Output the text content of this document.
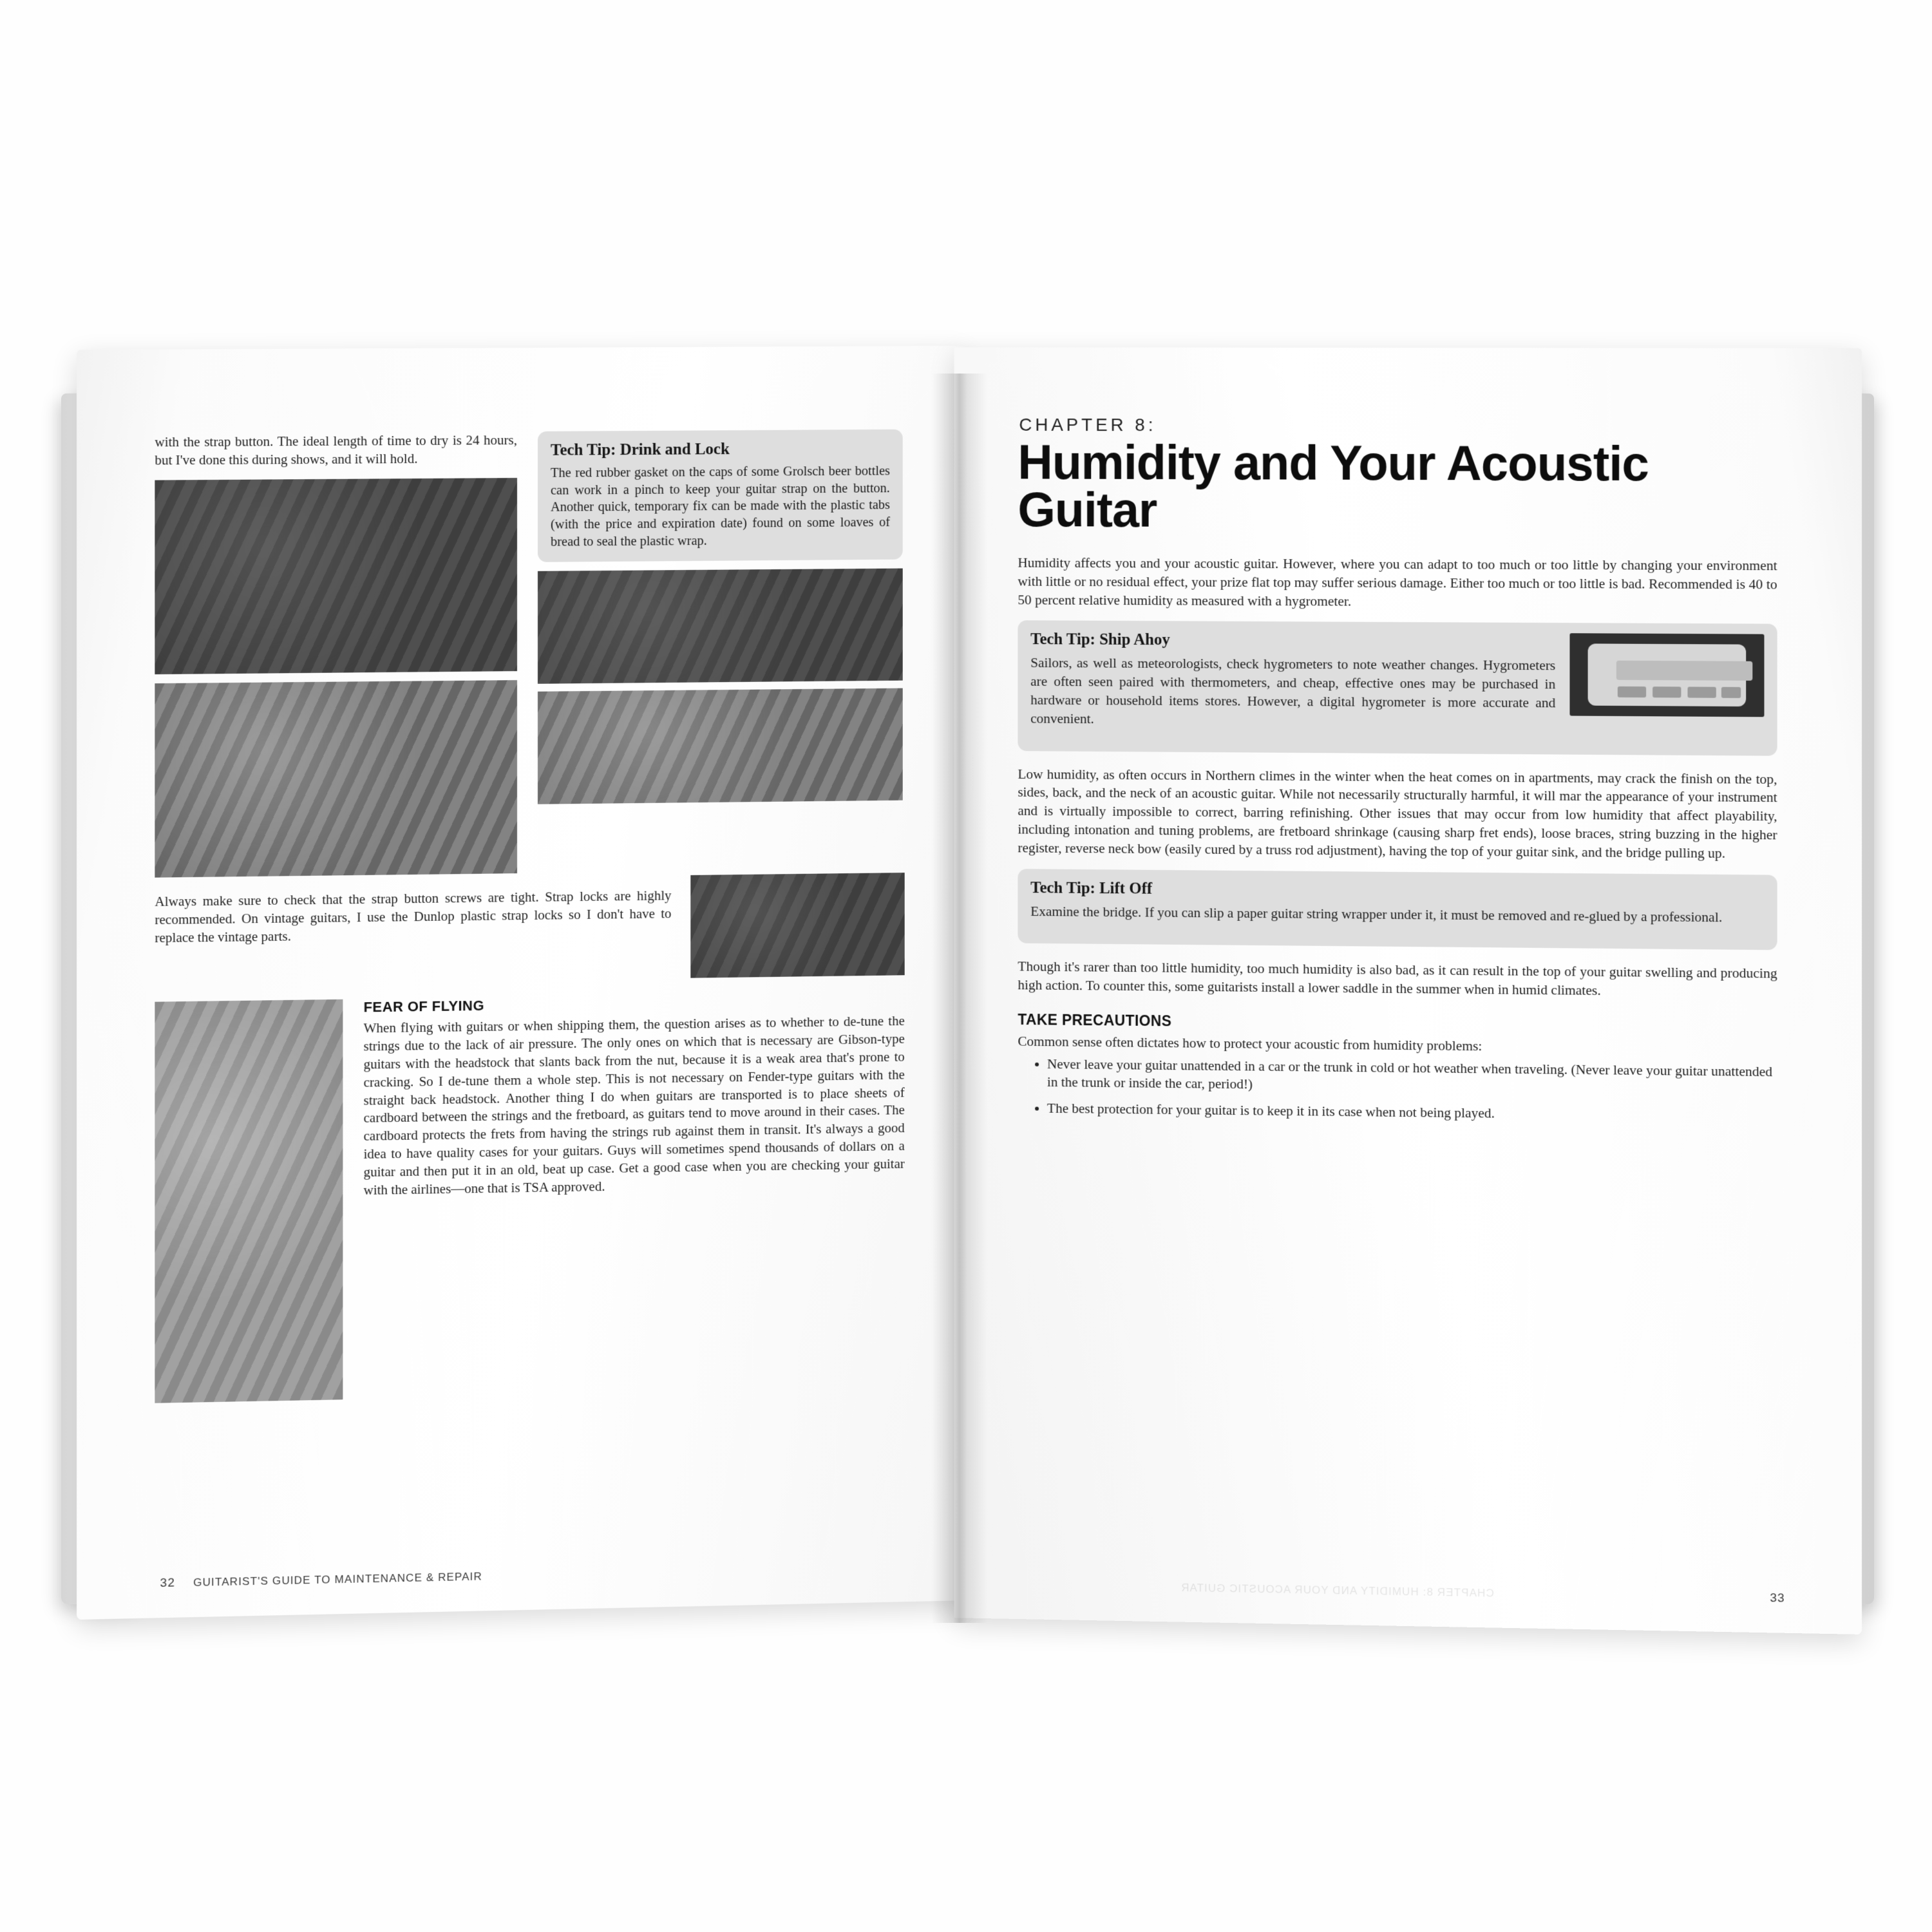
with the strap button. The ideal length of time to dry is 24 hours, but I've done this during shows, and it will hold.

Tech Tip: Drink and Lock

The red rubber gasket on the caps of some Grolsch beer bottles can work in a pinch to keep your guitar strap on the button. Another quick, temporary fix can be made with the plastic tabs (with the price and expiration date) found on some loaves of bread to seal the plastic wrap.

Always make sure to check that the strap button screws are tight. Strap locks are highly recommended. On vintage guitars, I use the Dunlop plastic strap locks so I don't have to replace the vintage parts.

FEAR OF FLYING

When flying with guitars or when shipping them, the question arises as to whether to de-tune the strings due to the lack of air pressure. The only ones on which that is necessary are Gibson-type guitars with the headstock that slants back from the nut, because it is a weak area that's prone to cracking. So I de-tune them a whole step. This is not necessary on Fender-type guitars with the straight back headstock. Another thing I do when guitars are transported is to place sheets of cardboard between the strings and the fretboard, as guitars tend to move around in their cases. The cardboard protects the frets from having the strings rub against them in transit. It's always a good idea to have quality cases for your guitars. Guys will sometimes spend thousands of dollars on a guitar and then put it in an old, beat up case. Get a good case when you are checking your guitar with the airlines—one that is TSA approved.

32 GUITARIST'S GUIDE TO MAINTENANCE & REPAIR
CHAPTER 8:
Humidity and Your Acoustic Guitar

Humidity affects you and your acoustic guitar. However, where you can adapt to too much or too little by changing your environment with little or no residual effect, your prize flat top may suffer serious damage. Either too much or too little is bad. Recommended is 40 to 50 percent relative humidity as measured with a hygrometer.

Tech Tip: Ship Ahoy

Sailors, as well as meteorologists, check hygrometers to note weather changes. Hygrometers are often seen paired with thermometers, and cheap, effective ones may be purchased in hardware or household items stores. However, a digital hygrometer is more accurate and convenient.

Low humidity, as often occurs in Northern climes in the winter when the heat comes on in apartments, may crack the finish on the top, sides, back, and the neck of an acoustic guitar. While not necessarily structurally harmful, it will mar the appearance of your instrument and is virtually impossible to correct, barring refinishing. Other issues that may occur from low humidity that affect playability, including intonation and tuning problems, are fretboard shrinkage (causing sharp fret ends), loose braces, string buzzing in the higher register, reverse neck bow (easily cured by a truss rod adjustment), having the top of your guitar sink, and the bridge pulling up.

Tech Tip: Lift Off

Examine the bridge. If you can slip a paper guitar string wrapper under it, it must be removed and re-glued by a professional.

Though it's rarer than too little humidity, too much humidity is also bad, as it can result in the top of your guitar swelling and producing high action. To counter this, some guitarists install a lower saddle in the summer when in humid climates.

TAKE PRECAUTIONS

Common sense often dictates how to protect your acoustic from humidity problems:

• Never leave your guitar unattended in a car or the trunk in cold or hot weather when traveling. (Never leave your guitar unattended in the trunk or inside the car, period!)
• The best protection for your guitar is to keep it in its case when not being played.
CHAPTER 8: HUMIDITY AND YOUR ACOUSTIC GUITAR	33
